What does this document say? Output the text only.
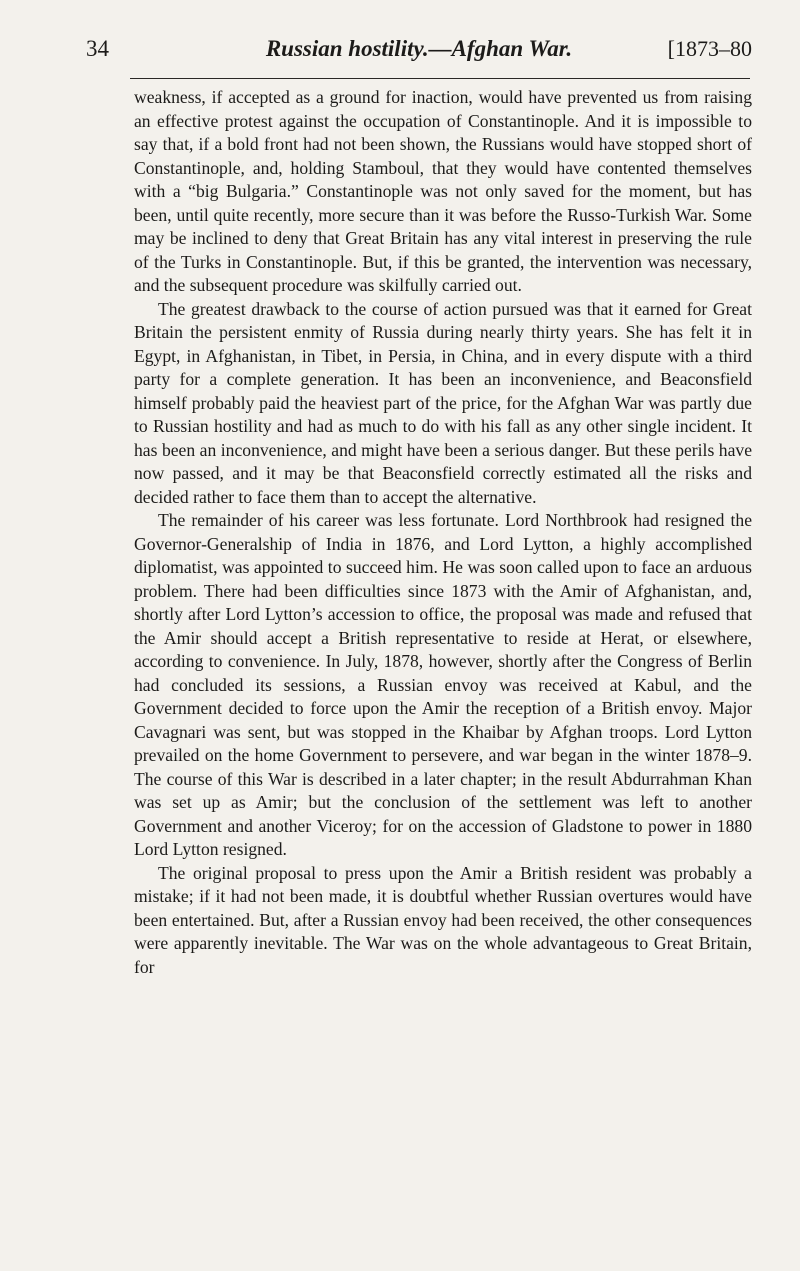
34	Russian hostility.—Afghan War.	[1873–80

weakness, if accepted as a ground for inaction, would have prevented us from raising an effective protest against the occupation of Constantinople. And it is impossible to say that, if a bold front had not been shown, the Russians would have stopped short of Constantinople, and, holding Stamboul, that they would have contented themselves with a “big Bulgaria.” Constantinople was not only saved for the moment, but has been, until quite recently, more secure than it was before the Russo-Turkish War. Some may be inclined to deny that Great Britain has any vital interest in preserving the rule of the Turks in Constantinople. But, if this be granted, the intervention was necessary, and the subsequent procedure was skilfully carried out.

The greatest drawback to the course of action pursued was that it earned for Great Britain the persistent enmity of Russia during nearly thirty years. She has felt it in Egypt, in Afghanistan, in Tibet, in Persia, in China, and in every dispute with a third party for a complete generation. It has been an inconvenience, and Beaconsfield himself probably paid the heaviest part of the price, for the Afghan War was partly due to Russian hostility and had as much to do with his fall as any other single incident. It has been an inconvenience, and might have been a serious danger. But these perils have now passed, and it may be that Beaconsfield correctly estimated all the risks and decided rather to face them than to accept the alternative.

The remainder of his career was less fortunate. Lord Northbrook had resigned the Governor-Generalship of India in 1876, and Lord Lytton, a highly accomplished diplomatist, was appointed to succeed him. He was soon called upon to face an arduous problem. There had been difficulties since 1873 with the Amir of Afghanistan, and, shortly after Lord Lytton’s accession to office, the proposal was made and refused that the Amir should accept a British representative to reside at Herat, or elsewhere, according to convenience. In July, 1878, however, shortly after the Congress of Berlin had concluded its sessions, a Russian envoy was received at Kabul, and the Government decided to force upon the Amir the reception of a British envoy. Major Cavagnari was sent, but was stopped in the Khaibar by Afghan troops. Lord Lytton prevailed on the home Government to persevere, and war began in the winter 1878–9. The course of this War is described in a later chapter; in the result Abdurrahman Khan was set up as Amir; but the conclusion of the settlement was left to another Government and another Viceroy; for on the accession of Gladstone to power in 1880 Lord Lytton resigned.

The original proposal to press upon the Amir a British resident was probably a mistake; if it had not been made, it is doubtful whether Russian overtures would have been entertained. But, after a Russian envoy had been received, the other consequences were apparently inevitable. The War was on the whole advantageous to Great Britain, for
